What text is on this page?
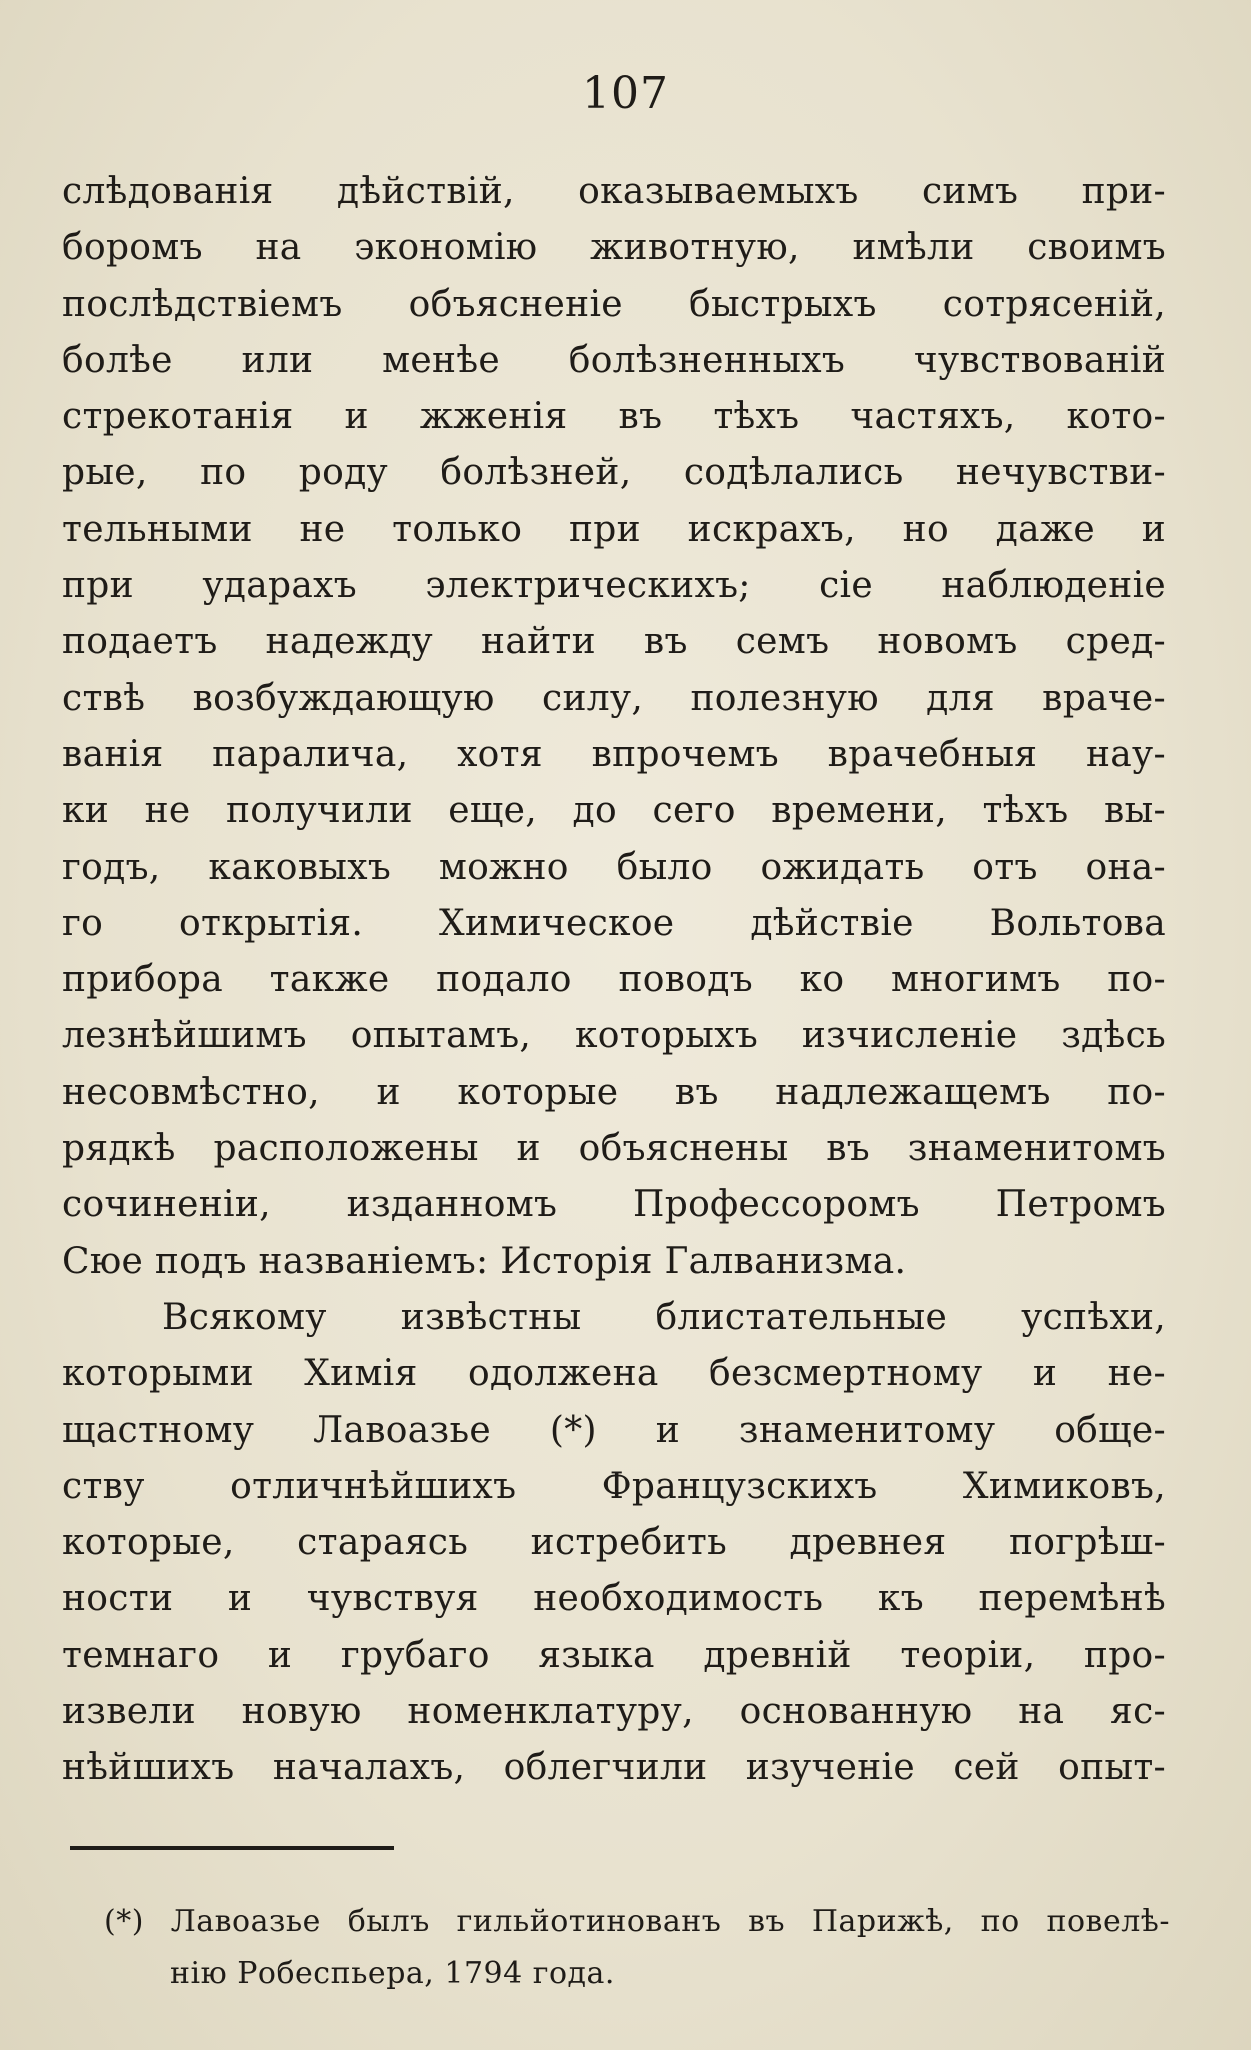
107
слѣдованія дѣйствій, оказываемыхъ симъ при-
боромъ на экономію животную, имѣли своимъ
послѣдствіемъ объясненіе быстрыхъ сотрясеній,
болѣе или менѣе болѣзненныхъ чувствованій
стрекотанія и жженія въ тѣхъ частяхъ, кото-
рые, по роду болѣзней, содѣлались нечувстви-
тельными не только при искрахъ, но даже и
при ударахъ электрическихъ; сіе наблюденіе
подаетъ надежду найти въ семъ новомъ сред-
ствѣ возбуждающую силу, полезную для враче-
ванія паралича, хотя впрочемъ врачебныя нау-
ки не получили еще, до сего времени, тѣхъ вы-
годъ, каковыхъ можно было ожидать отъ она-
го открытія. Химическое дѣйствіе Вольтова
прибора также подало поводъ ко многимъ по-
лезнѣйшимъ опытамъ, которыхъ изчисленіе здѣсь
несовмѣстно, и которые въ надлежащемъ по-
рядкѣ расположены и объяснены въ знаменитомъ
сочиненіи, изданномъ Профессоромъ Петромъ
Сюе подъ названіемъ: Исторія Галванизма.
Всякому извѣстны блистательные успѣхи,
которыми Химія одолжена безсмертному и не-
щастному Лавоазье (*) и знаменитому обще-
ству отличнѣйшихъ Французскихъ Химиковъ,
которые, стараясь истребить древнея погрѣш-
ности и чувствуя необходимость къ перемѣнѣ
темнаго и грубаго языка древній теоріи, про-
извели новую номенклатуру, основанную на яс-
нѣйшихъ началахъ, облегчили изученіе сей опыт-
(*) Лавоазье былъ гильйотинованъ въ Парижѣ, по повелѣ-
нію Робеспьера, 1794 года.
